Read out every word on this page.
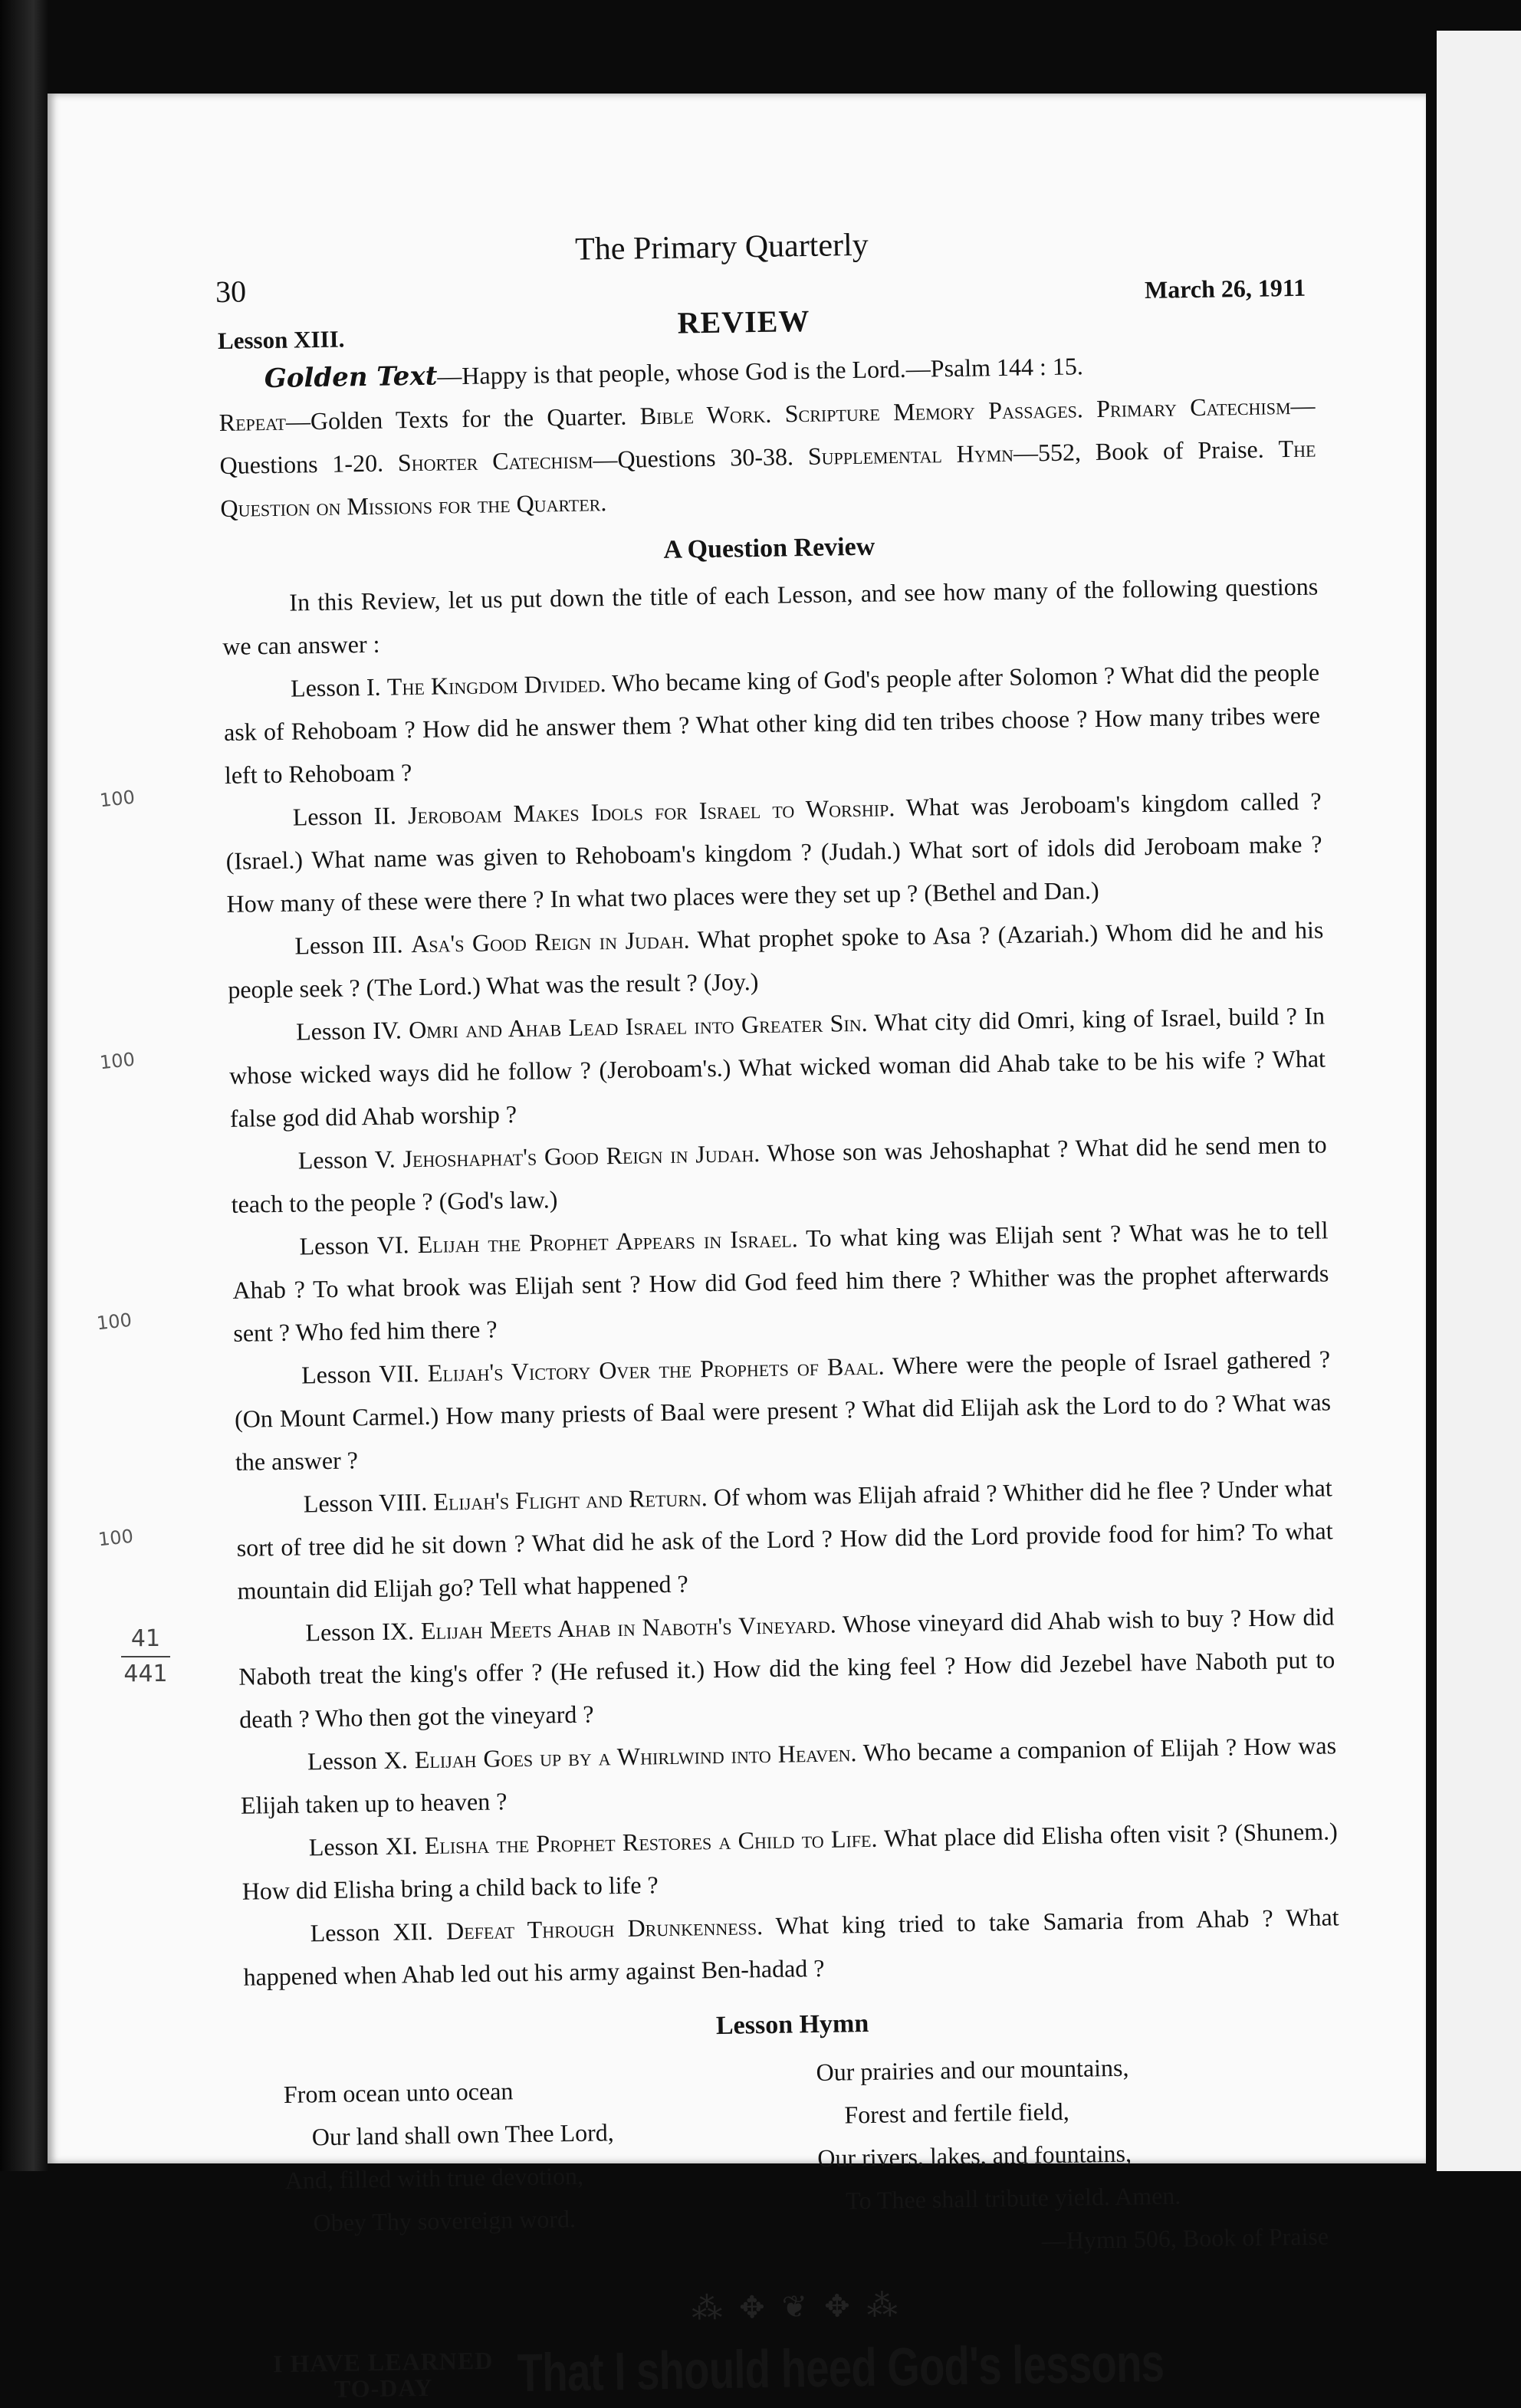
100
100
100
100
41
441
30
The Primary Quarterly
March 26, 1911
Lesson XIII.	REVIEW

Golden Text—Happy is that people, whose God is the Lord.—Psalm 144 : 15.

Repeat—Golden Texts for the Quarter. Bible Work. Scripture Memory Passages. Primary Catechism—Questions 1-20. Shorter Catechism—Questions 30-38. Supplemental Hymn—552, Book of Praise. The Question on Missions for the Quarter.

A Question Review

In this Review, let us put down the title of each Lesson, and see how many of the following questions we can answer :

Lesson I. The Kingdom Divided. Who became king of God's people after Solomon ? What did the people ask of Rehoboam ? How did he answer them ? What other king did ten tribes choose ? How many tribes were left to Rehoboam ?

Lesson II. Jeroboam Makes Idols for Israel to Worship. What was Jeroboam's kingdom called ? (Israel.) What name was given to Rehoboam's kingdom ? (Judah.) What sort of idols did Jeroboam make ? How many of these were there ? In what two places were they set up ? (Bethel and Dan.)

Lesson III. Asa's Good Reign in Judah. What prophet spoke to Asa ? (Azariah.) Whom did he and his people seek ? (The Lord.) What was the result ? (Joy.)

Lesson IV. Omri and Ahab Lead Israel into Greater Sin. What city did Omri, king of Israel, build ? In whose wicked ways did he follow ? (Jeroboam's.) What wicked woman did Ahab take to be his wife ? What false god did Ahab worship ?

Lesson V. Jehoshaphat's Good Reign in Judah. Whose son was Jehoshaphat ? What did he send men to teach to the people ? (God's law.)

Lesson VI. Elijah the Prophet Appears in Israel. To what king was Elijah sent ? What was he to tell Ahab ? To what brook was Elijah sent ? How did God feed him there ? Whither was the prophet afterwards sent ? Who fed him there ?

Lesson VII. Elijah's Victory Over the Prophets of Baal. Where were the people of Israel gathered ? (On Mount Carmel.) How many priests of Baal were present ? What did Elijah ask the Lord to do ? What was the answer ?

Lesson VIII. Elijah's Flight and Return. Of whom was Elijah afraid ? Whither did he flee ? Under what sort of tree did he sit down ? What did he ask of the Lord ? How did the Lord provide food for him? To what mountain did Elijah go? Tell what happened ?

Lesson IX. Elijah Meets Ahab in Naboth's Vineyard. Whose vineyard did Ahab wish to buy ? How did Naboth treat the king's offer ? (He refused it.) How did the king feel ? How did Jezebel have Naboth put to death ? Who then got the vineyard ?

Lesson X. Elijah Goes up by a Whirlwind into Heaven. Who became a companion of Elijah ? How was Elijah taken up to heaven ?

Lesson XI. Elisha the Prophet Restores a Child to Life. What place did Elisha often visit ? (Shunem.) How did Elisha bring a child back to life ?

Lesson XII. Defeat Through Drunkenness. What king tried to take Samaria from Ahab ? What happened when Ahab led out his army against Ben-hadad ?

Lesson Hymn
From ocean unto ocean
Our land shall own Thee Lord,
And, filled with true devotion,
Obey Thy sovereign word.
Our prairies and our mountains,
Forest and fertile field,
Our rivers, lakes, and fountains,
To Thee shall tribute yield. Amen.
—Hymn 506, Book of Praise
⁂ ✥ ❦ ✥ ⁂
I HAVE LEARNED
TO-DAY	That I should heed God's lessons
